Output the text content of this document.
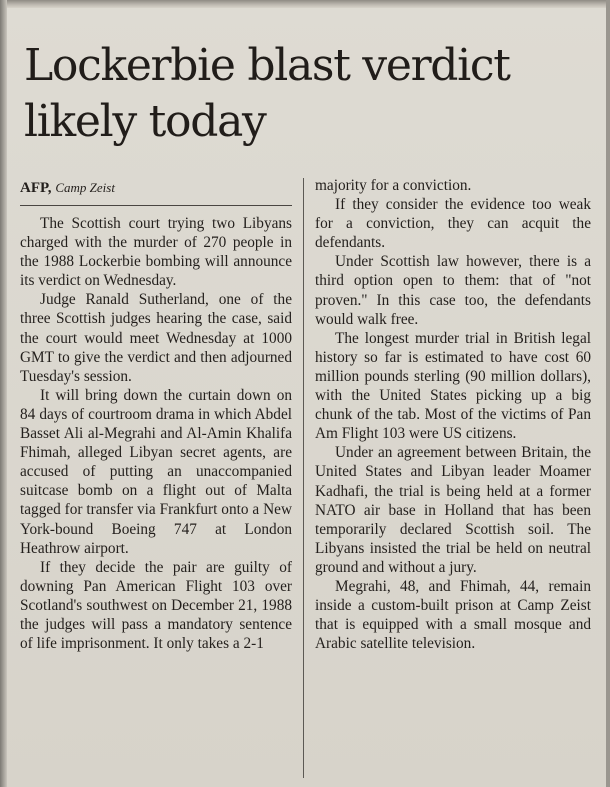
Lockerbie blast verdict likely today
AFP, Camp Zeist

The Scottish court trying two Libyans charged with the murder of 270 people in the 1988 Lockerbie bombing will announce its verdict on Wednesday.

Judge Ranald Sutherland, one of the three Scottish judges hearing the case, said the court would meet Wednesday at 1000 GMT to give the verdict and then adjourned Tuesday's session.

It will bring down the curtain down on 84 days of courtroom drama in which Abdel Basset Ali al-Megrahi and Al-Amin Khalifa Fhimah, alleged Libyan secret agents, are accused of putting an unaccompanied suitcase bomb on a flight out of Malta tagged for transfer via Frankfurt onto a New York-bound Boeing 747 at London Heathrow airport.

If they decide the pair are guilty of downing Pan American Flight 103 over Scotland's southwest on December 21, 1988 the judges will pass a mandatory sentence of life imprisonment. It only takes a 2-1

majority for a conviction.

If they consider the evidence too weak for a conviction, they can acquit the defendants.

Under Scottish law however, there is a third option open to them: that of "not proven." In this case too, the defendants would walk free.

The longest murder trial in British legal history so far is estimated to have cost 60 million pounds sterling (90 million dollars), with the United States picking up a big chunk of the tab. Most of the victims of Pan Am Flight 103 were US citizens.

Under an agreement between Britain, the United States and Libyan leader Moamer Kadhafi, the trial is being held at a former NATO air base in Holland that has been temporarily declared Scottish soil. The Libyans insisted the trial be held on neutral ground and without a jury.

Megrahi, 48, and Fhimah, 44, remain inside a custom-built prison at Camp Zeist that is equipped with a small mosque and Arabic satellite television.
